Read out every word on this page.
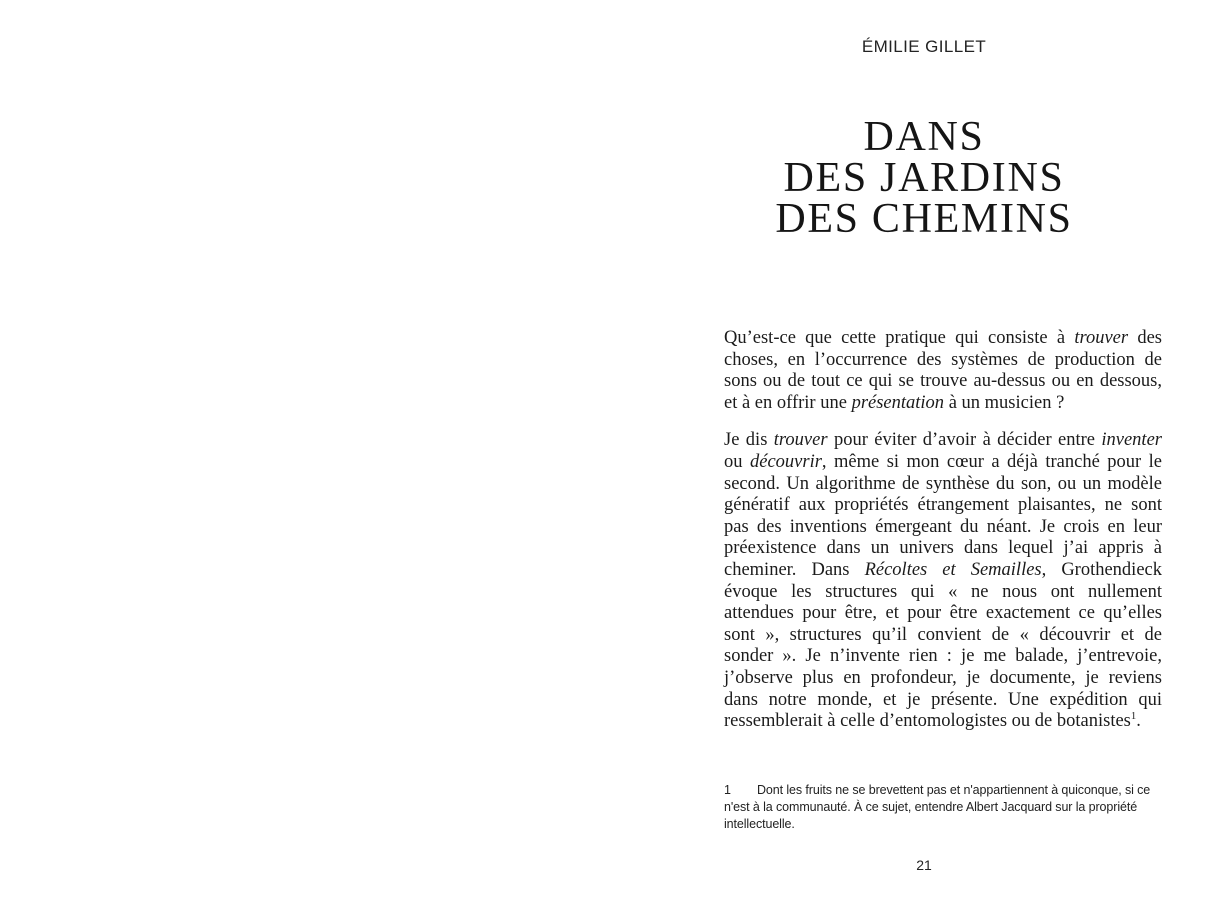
ÉMILIE GILLET
DANS
DES JARDINS
DES CHEMINS

Qu’est-ce que cette pratique qui consiste à trouver des choses, en l’occurrence des systèmes de production de sons ou de tout ce qui se trouve au-dessus ou en dessous, et à en offrir une présentation à un musicien ?

Je dis trouver pour éviter d’avoir à décider entre inventer ou découvrir, même si mon cœur a déjà tranché pour le second. Un algorithme de synthèse du son, ou un modèle génératif aux propriétés étrangement plaisantes, ne sont pas des inventions émergeant du néant. Je crois en leur préexistence dans un univers dans lequel j’ai appris à cheminer. Dans Récoltes et Semailles, Grothendieck évoque les structures qui « ne nous ont nullement attendues pour être, et pour être exactement ce qu’elles sont », structures qu’il convient de « découvrir et de sonder ». Je n’invente rien : je me balade, j’entrevoie, j’observe plus en profondeur, je documente, je reviens dans notre monde, et je présente. Une expédition qui ressemblerait à celle d’entomologistes ou de botanistes$^1$.

1 Dont les fruits ne se brevettent pas et n'appartiennent à quiconque, si ce n'est à la communauté. À ce sujet, entendre Albert Jacquard sur la propriété intellectuelle.
21
